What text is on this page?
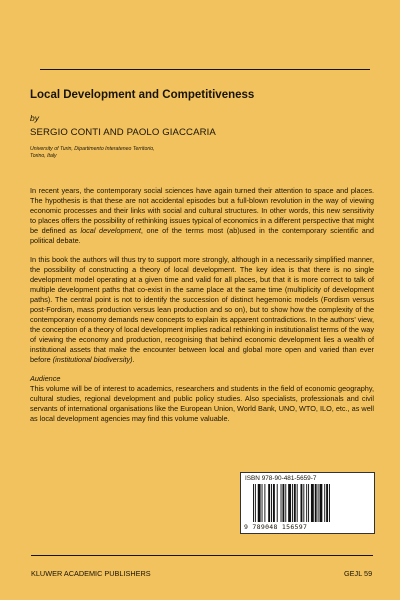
Local Development and Competitiveness
by
SERGIO CONTI AND PAOLO GIACCARIA
University of Turin, Dipartimento Interateneo Territorio,
Torino, Italy

In recent years, the contemporary social sciences have again turned their attention to space and places. The hypothesis is that these are not accidental episodes but a full-blown revolution in the way of viewing economic processes and their links with social and cultural structures. In other words, this new sensitivity to places offers the possibility of rethinking issues typical of economics in a different perspective that might be defined as local development, one of the terms most (ab)used in the contemporary scientific and political debate.

In this book the authors will thus try to support more strongly, although in a necessarily simplified manner, the possibility of constructing a theory of local development. The key idea is that there is no single development model operating at a given time and valid for all places, but that it is more correct to talk of multiple development paths that co-exist in the same place at the same time (multiplicity of development paths). The central point is not to identify the succession of distinct hegemonic models (Fordism versus post-Fordism, mass production versus lean production and so on), but to show how the complexity of the contemporary economy demands new concepts to explain its apparent contradictions. In the authors' view, the conception of a theory of local development implies radical rethinking in institutionalist terms of the way of viewing the economy and production, recognising that behind economic development lies a wealth of institutional assets that make the encounter between local and global more open and varied than ever before (institutional biodiversity).

Audience

This volume will be of interest to academics, researchers and students in the field of economic geography, cultural studies, regional development and public policy studies. Also specialists, professionals and civil servants of international organisations like the European Union, World Bank, UNO, WTO, ILO, etc., as well as local development agencies may find this volume valuable.

ISBN 978-90-481-5659-7
9 789048 156597
KLUWER ACADEMIC PUBLISHERS	GEJL 59
